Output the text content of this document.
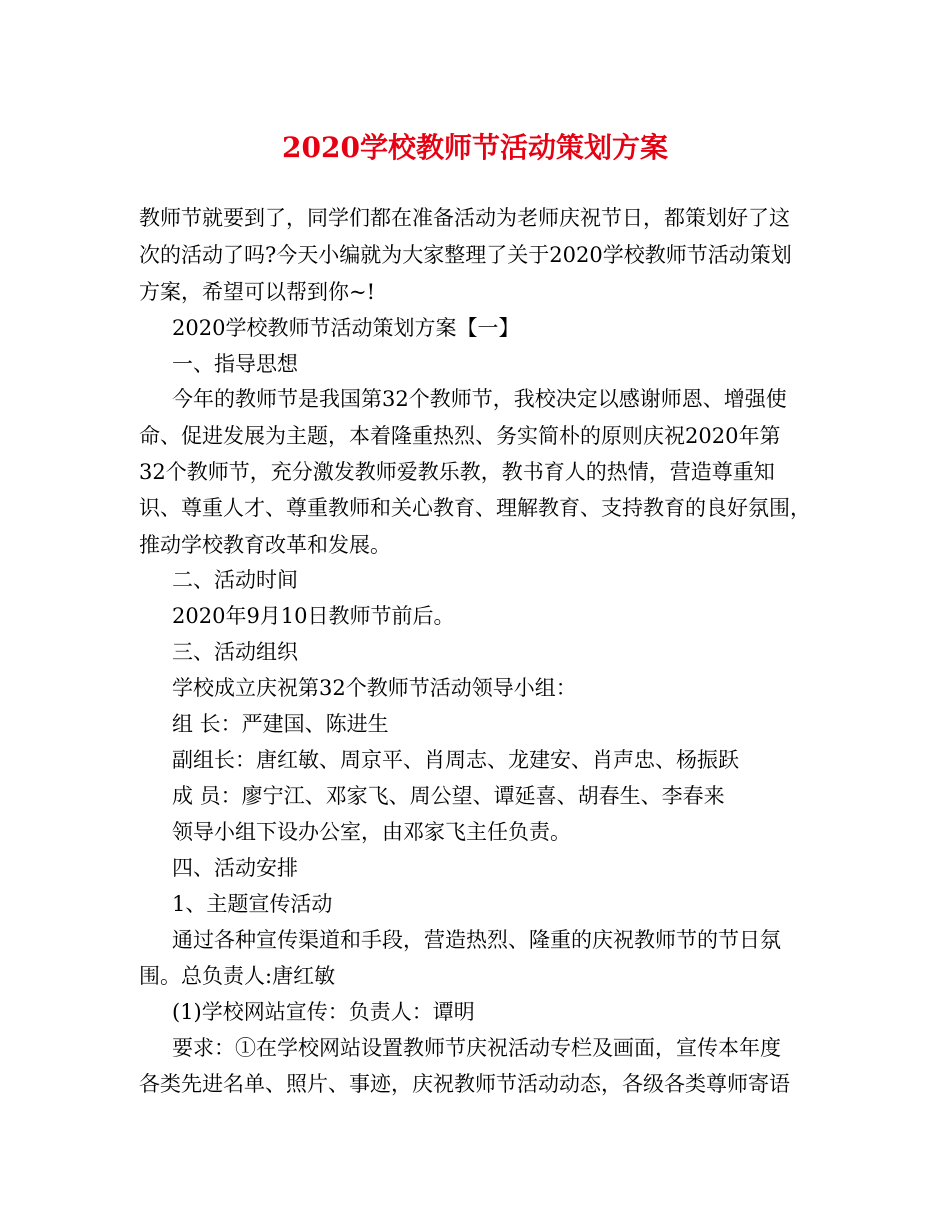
2020学校教师节活动策划方案

教师节就要到了，同学们都在准备活动为老师庆祝节日，都策划好了这

次的活动了吗?今天小编就为大家整理了关于2020学校教师节活动策划

方案，希望可以帮到你~!

2020学校教师节活动策划方案【一】

一、指导思想

今年的教师节是我国第32个教师节，我校决定以感谢师恩、增强使

命、促进发展为主题，本着隆重热烈、务实简朴的原则庆祝2020年第

32个教师节，充分激发教师爱教乐教，教书育人的热情，营造尊重知

识、尊重人才、尊重教师和关心教育、理解教育、支持教育的良好氛围，

推动学校教育改革和发展。

二、活动时间

2020年9月10日教师节前后。

三、活动组织

学校成立庆祝第32个教师节活动领导小组：

组 长：严建国、陈进生

副组长：唐红敏、周京平、肖周志、龙建安、肖声忠、杨振跃

成 员：廖宁江、邓家飞、周公望、谭延喜、胡春生、李春来

领导小组下设办公室，由邓家飞主任负责。

四、活动安排

1、主题宣传活动

通过各种宣传渠道和手段，营造热烈、隆重的庆祝教师节的节日氛

围。总负责人:唐红敏

(1)学校网站宣传：负责人：谭明

要求：①在学校网站设置教师节庆祝活动专栏及画面，宣传本年度

各类先进名单、照片、事迹，庆祝教师节活动动态，各级各类尊师寄语
